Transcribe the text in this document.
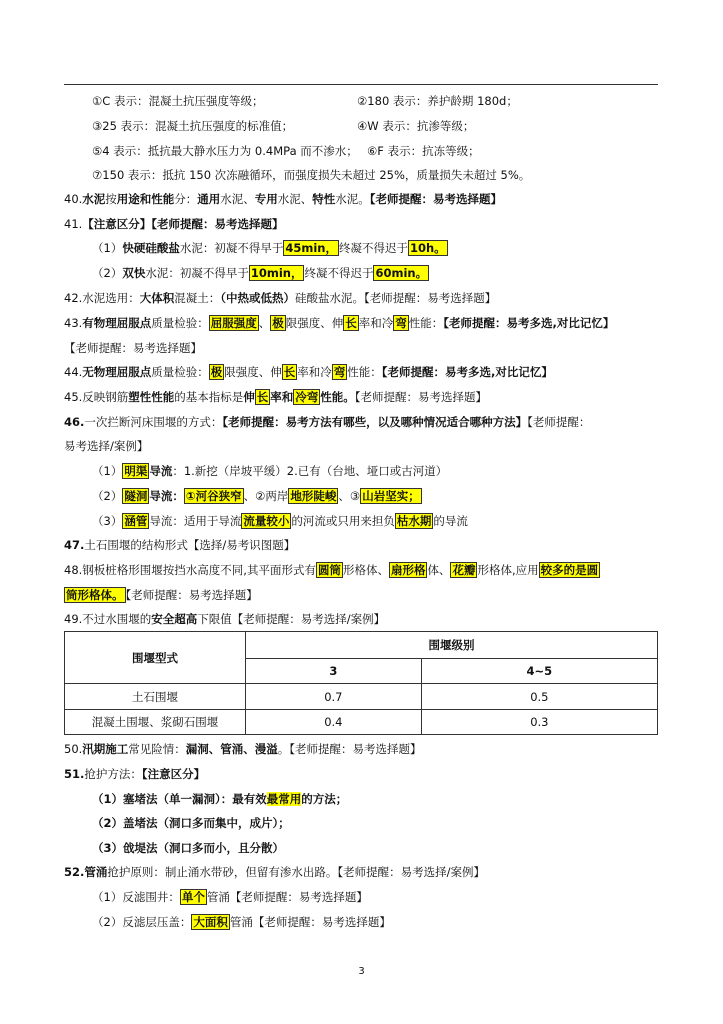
①C 表示：混凝土抗压强度等级；	②180 表示：养护龄期 180d；
③25 表示：混凝土抗压强度的标准值；	④W 表示：抗渗等级；
⑤4 表示：抵抗最大静水压力为 0.4MPa 而不渗水； ⑥F 表示：抗冻等级；
⑦150 表示：抵抗 150 次冻融循环，而强度损失未超过 25%，质量损失未超过 5%。
40.水泥按用途和性能分：通用水泥、专用水泥、特性水泥。【老师提醒：易考选择题】
41.【注意区分】【老师提醒：易考选择题】
（1）快硬硅酸盐水泥：初凝不得早于 45min， 终凝不得迟于 10h。
（2）双快水泥：初凝不得早于 10min， 终凝不得迟于 60min。
42.水泥选用：大体积混凝土：（中热或低热）硅酸盐水泥。【老师提醒：易考选择题】
43.有物理屈服点质量检验： 屈服强度 、 极 限强度、伸 长 率和冷 弯 性能：【老师提醒：易考多选,对比记忆】
【老师提醒：易考选择题】
44.无物理屈服点质量检验： 极 限强度、伸 长 率和冷 弯 性能：【老师提醒：易考多选,对比记忆】
45.反映钢筋塑性性能的基本指标是伸 长 率和 冷弯 性能。【老师提醒：易考选择题】
46.一次拦断河床围堰的方式：【老师提醒：易考方法有哪些，以及哪种情况适合哪种方法】【老师提醒：
易考选择/案例】
（1） 明渠 导流：1.新挖（岸坡平缓）2.已有（台地、垭口或古河道）
（2） 隧洞 导流： ①河谷狭窄 、②两岸 地形陡峻 、③ 山岩坚实；
（3） 涵管 导流：适用于导流 流量较小 的河流或只用来担负 枯水期 的导流
47.土石围堰的结构形式【选择/易考识图题】
48.钢板桩格形围堰按挡水高度不同,其平面形式有 圆筒 形格体、 扇形格 体、 花瓣 形格体,应用 较多的是圆
筒形格体。 【老师提醒：易考选择题】
49.不过水围堰的安全超高下限值【老师提醒：易考选择/案例】
围堰型式	围堰级别	
	3	4~5
土石围堰	0.7	0.5
混凝土围堰、浆砌石围堰	0.4	0.3
50.汛期施工常见险情：漏洞、管涌、漫溢。【老师提醒：易考选择题】
51.抢护方法：【注意区分】
（1）塞堵法（单一漏洞）：最有效最常用的方法；
（2）盖堵法（洞口多而集中，成片）；
（3）戗堤法（洞口多而小，且分散）
52.管涌抢护原则：制止涌水带砂，但留有渗水出路。【老师提醒：易考选择/案例】
（1）反滤围井： 单个 管涌【老师提醒：易考选择题】
（2）反滤层压盖： 大面积 管涌【老师提醒：易考选择题】
3
